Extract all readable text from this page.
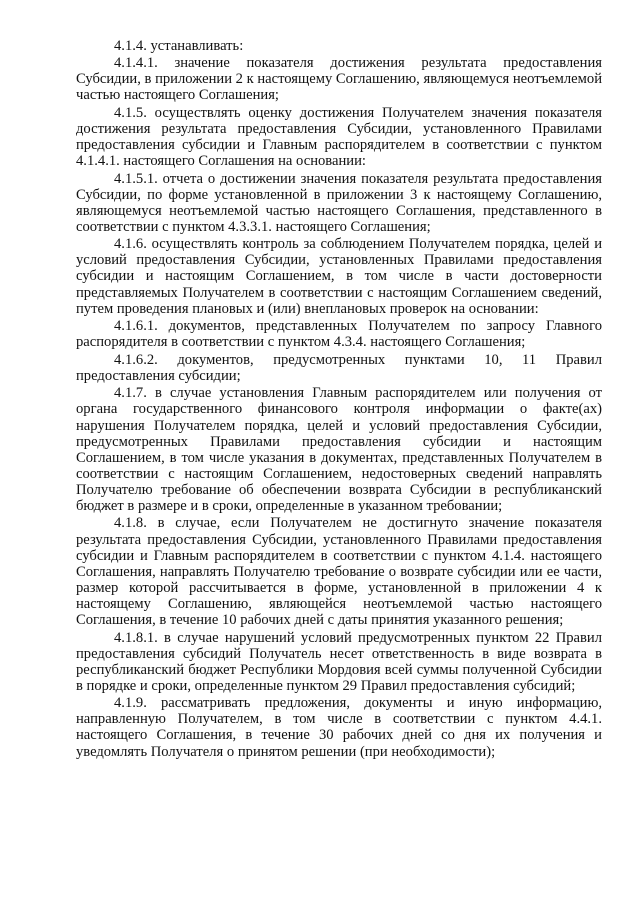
4.1.4. устанавливать:

4.1.4.1. значение показателя достижения результата предоставления Субсидии, в приложении 2 к настоящему Соглашению, являющемуся неотъемлемой частью настоящего Соглашения;

4.1.5. осуществлять оценку достижения Получателем значения показателя достижения результата предоставления Субсидии, установленного Правилами предоставления субсидии и Главным распорядителем в соответствии с пунктом 4.1.4.1. настоящего Соглашения на основании:

4.1.5.1. отчета о достижении значения показателя результата предоставления Субсидии, по форме установленной в приложении 3 к настоящему Соглашению, являющемуся неотъемлемой частью настоящего Соглашения, представленного в соответствии с пунктом 4.3.3.1. настоящего Соглашения;

4.1.6. осуществлять контроль за соблюдением Получателем порядка, целей и условий предоставления Субсидии, установленных Правилами предоставления субсидии и настоящим Соглашением, в том числе в части достоверности представляемых Получателем в соответствии с настоящим Соглашением сведений, путем проведения плановых и (или) внеплановых проверок на основании:

4.1.6.1. документов, представленных Получателем по запросу Главного распорядителя в соответствии с пунктом 4.3.4. настоящего Соглашения;

4.1.6.2. документов, предусмотренных пунктами 10, 11 Правил предоставления субсидии;

4.1.7. в случае установления Главным распорядителем или получения от органа государственного финансового контроля информации о факте(ах) нарушения Получателем порядка, целей и условий предоставления Субсидии, предусмотренных Правилами предоставления субсидии и настоящим Соглашением, в том числе указания в документах, представленных Получателем в соответствии с настоящим Соглашением, недостоверных сведений направлять Получателю требование об обеспечении возврата Субсидии в республиканский бюджет в размере и в сроки, определенные в указанном требовании;

4.1.8. в случае, если Получателем не достигнуто значение показателя результата предоставления Субсидии, установленного Правилами предоставления субсидии и Главным распорядителем в соответствии с пунктом 4.1.4. настоящего Соглашения, направлять Получателю требование о возврате субсидии или ее части, размер которой рассчитывается в форме, установленной в приложении 4 к настоящему Соглашению, являющейся неотъемлемой частью настоящего Соглашения, в течение 10 рабочих дней с даты принятия указанного решения;

4.1.8.1. в случае нарушений условий предусмотренных пунктом 22 Правил предоставления субсидий Получатель несет ответственность в виде возврата в республиканский бюджет Республики Мордовия всей суммы полученной Субсидии в порядке и сроки, определенные пунктом 29 Правил предоставления субсидий;

4.1.9. рассматривать предложения, документы и иную информацию, направленную Получателем, в том числе в соответствии с пунктом 4.4.1. настоящего Соглашения, в течение 30 рабочих дней со дня их получения и уведомлять Получателя о принятом решении (при необходимости);
